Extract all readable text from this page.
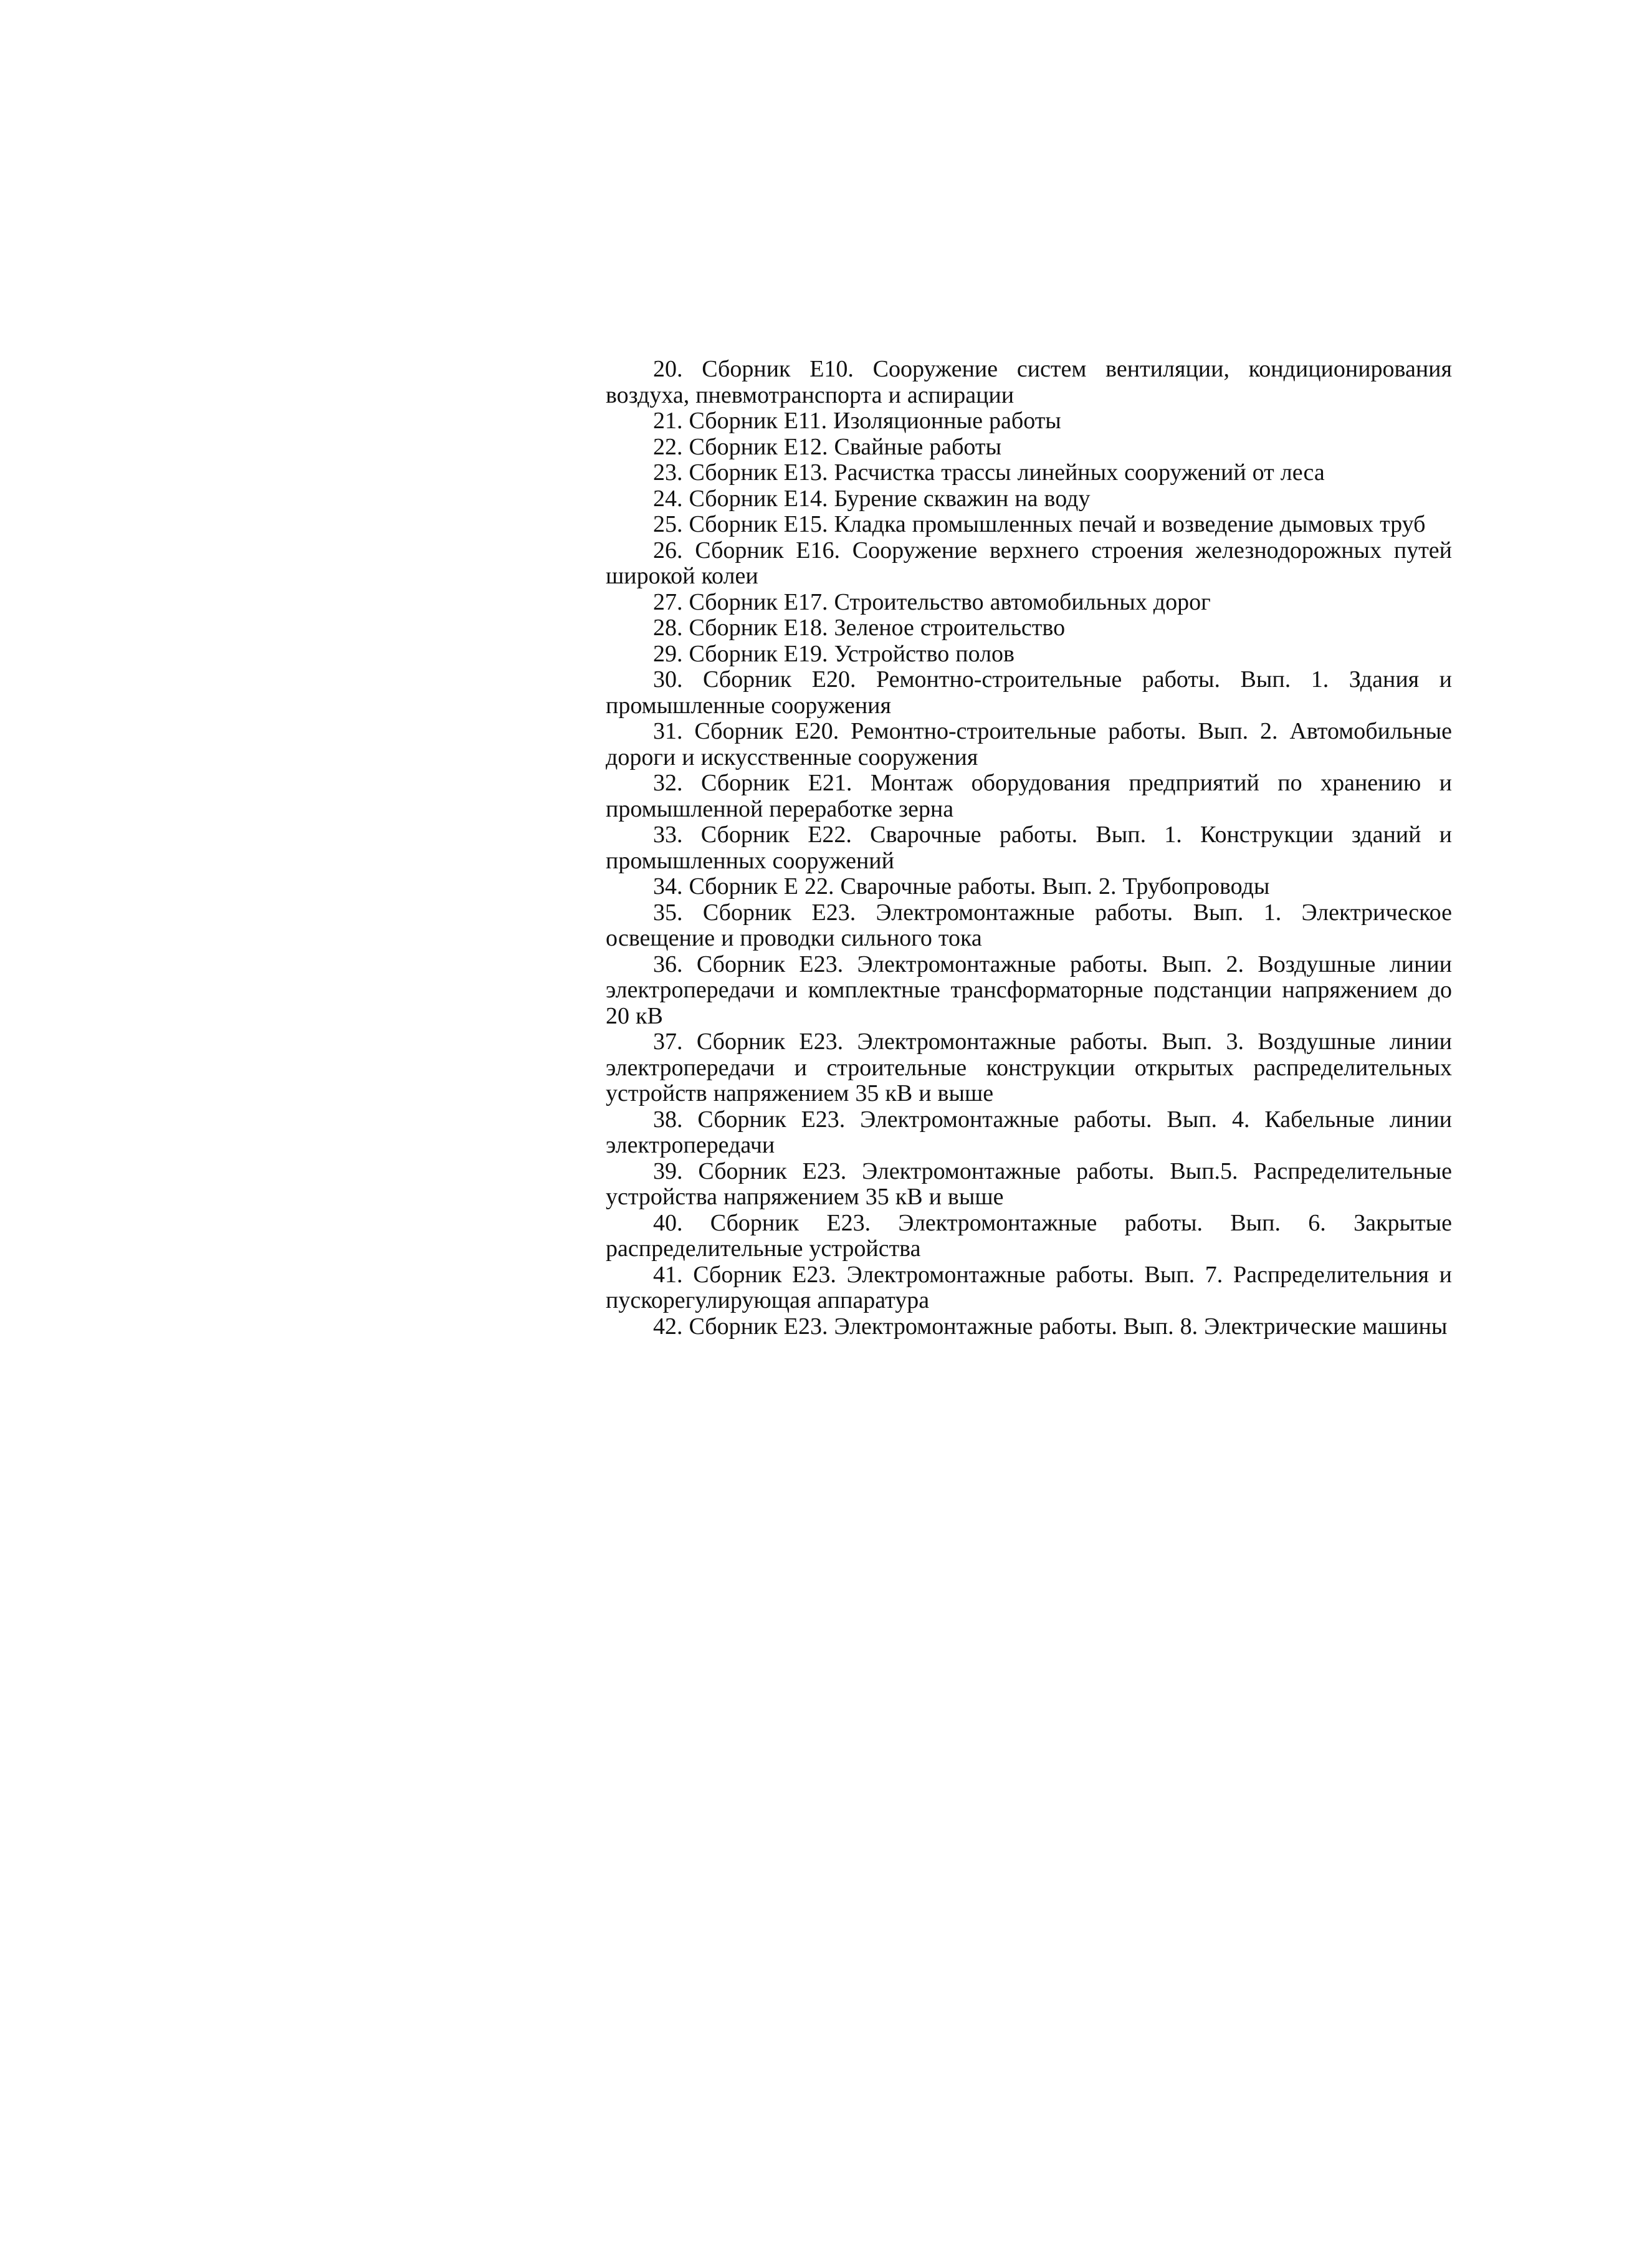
20. Сборник Е10. Сооружение систем вентиляции, кондиционирования воздуха, пневмотранспорта и аспирации

21. Сборник Е11. Изоляционные работы

22. Сборник Е12. Свайные работы

23. Сборник Е13. Расчистка трассы линейных сооружений от леса

24. Сборник Е14. Бурение скважин на воду

25. Сборник Е15. Кладка промышленных печай и возведение дымовых труб

26. Сборник Е16. Сооружение верхнего строения железнодорожных путей широкой колеи

27. Сборник Е17. Строительство автомобильных дорог

28. Сборник Е18. Зеленое строительство

29. Сборник Е19. Устройство полов

30. Сборник Е20. Ремонтно-строительные работы. Вып. 1. Здания и промышленные сооружения

31. Сборник Е20. Ремонтно-строительные работы. Вып. 2. Автомобильные дороги и искусственные сооружения

32. Сборник Е21. Монтаж оборудования предприятий по хранению и промышленной переработке зерна

33. Сборник Е22. Сварочные работы. Вып. 1. Конструкции зданий и промышленных сооружений

34. Сборник Е 22. Сварочные работы. Вып. 2. Трубопроводы

35. Сборник Е23. Электромонтажные работы. Вып. 1. Электрическое освещение и проводки сильного тока

36. Сборник Е23. Электромонтажные работы. Вып. 2. Воздушные линии электропередачи и комплектные трансформаторные подстанции напряжением до 20 кВ

37. Сборник Е23. Электромонтажные работы. Вып. 3. Воздушные линии электропередачи и строительные конструкции открытых распределительных устройств напряжением 35 кВ и выше

38. Сборник Е23. Электромонтажные работы. Вып. 4. Кабельные линии электропередачи

39. Сборник Е23. Электромонтажные работы. Вып.5. Распределительные устройства напряжением 35 кВ и выше

40. Сборник Е23. Электромонтажные работы. Вып. 6. Закрытые распределительные устройства

41. Сборник Е23. Электромонтажные работы. Вып. 7. Распределительния и пускорегулирующая аппаратура

42. Сборник Е23. Электромонтажные работы. Вып. 8. Электрические машины
